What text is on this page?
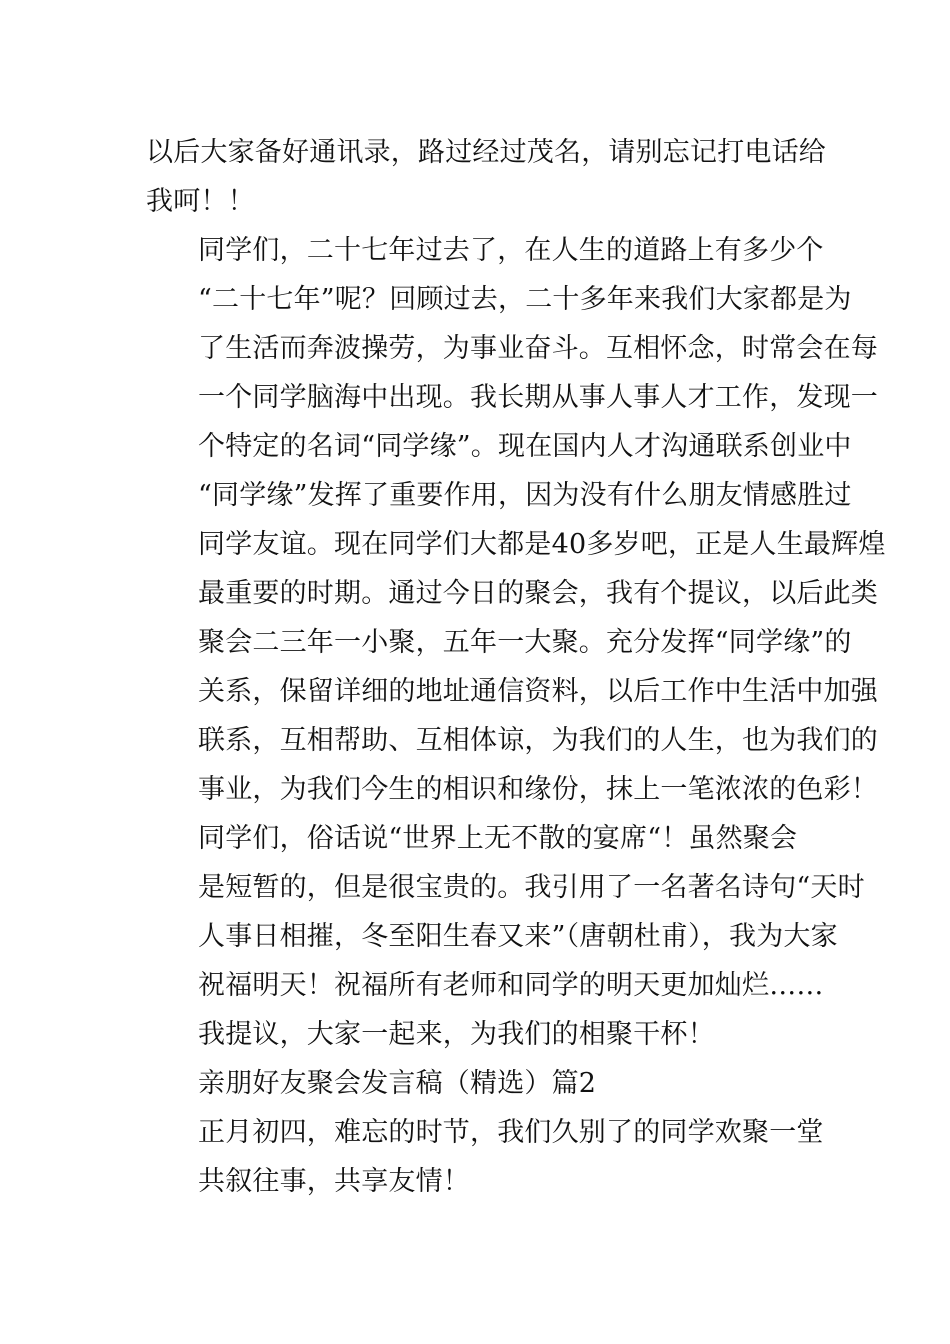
以后大家备好通讯录，路过经过茂名，请别忘记打电话给
我呵！！
同学们，二十七年过去了，在人生的道路上有多少个
“二十七年”呢？回顾过去，二十多年来我们大家都是为
了生活而奔波操劳，为事业奋斗。互相怀念，时常会在每
一个同学脑海中出现。我长期从事人事人才工作，发现一
个特定的名词“同学缘”。现在国内人才沟通联系创业中
“同学缘”发挥了重要作用，因为没有什么朋友情感胜过
同学友谊。现在同学们大都是40多岁吧，正是人生最辉煌
最重要的时期。通过今日的聚会，我有个提议，以后此类
聚会二三年一小聚，五年一大聚。充分发挥“同学缘”的
关系，保留详细的地址通信资料，以后工作中生活中加强
联系，互相帮助、互相体谅，为我们的人生，也为我们的
事业，为我们今生的相识和缘份，抹上一笔浓浓的色彩！
同学们，俗话说“世界上无不散的宴席“！虽然聚会
是短暂的，但是很宝贵的。我引用了一名著名诗句“天时
人事日相摧，冬至阳生春又来”（唐朝杜甫），我为大家
祝福明天！祝福所有老师和同学的明天更加灿烂……
我提议，大家一起来，为我们的相聚干杯！
亲朋好友聚会发言稿（精选）篇2
正月初四，难忘的时节，我们久别了的同学欢聚一堂
共叙往事，共享友情！
